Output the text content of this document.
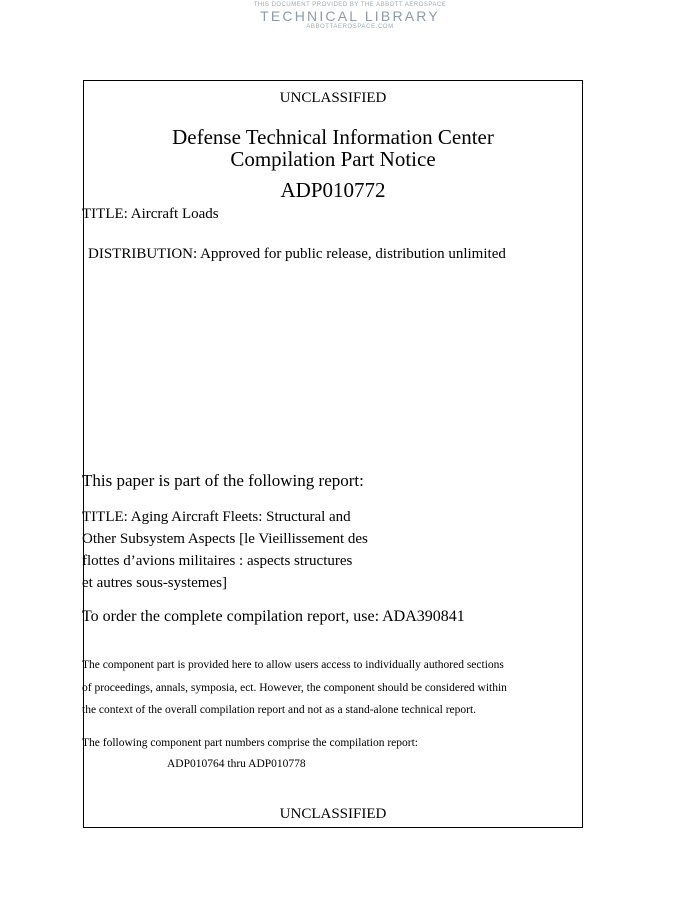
THIS DOCUMENT PROVIDED BY THE ABBOTT AEROSPACE
TECHNICAL LIBRARY
ABBOTTAEROSPACE.COM
UNCLASSIFIED
Defense Technical Information Center
Compilation Part Notice
ADP010772
TITLE: Aircraft Loads
DISTRIBUTION: Approved for public release, distribution unlimited
This paper is part of the following report:
TITLE: Aging Aircraft Fleets: Structural and
Other Subsystem Aspects [le Vieillissement des
flottes d’avions militaires : aspects structures
et autres sous-systemes]
To order the complete compilation report, use: ADA390841
The component part is provided here to allow users access to individually authored sections
of proceedings, annals, symposia, ect. However, the component should be considered within
the context of the overall compilation report and not as a stand-alone technical report.
The following component part numbers comprise the compilation report:
ADP010764 thru ADP010778
UNCLASSIFIED
